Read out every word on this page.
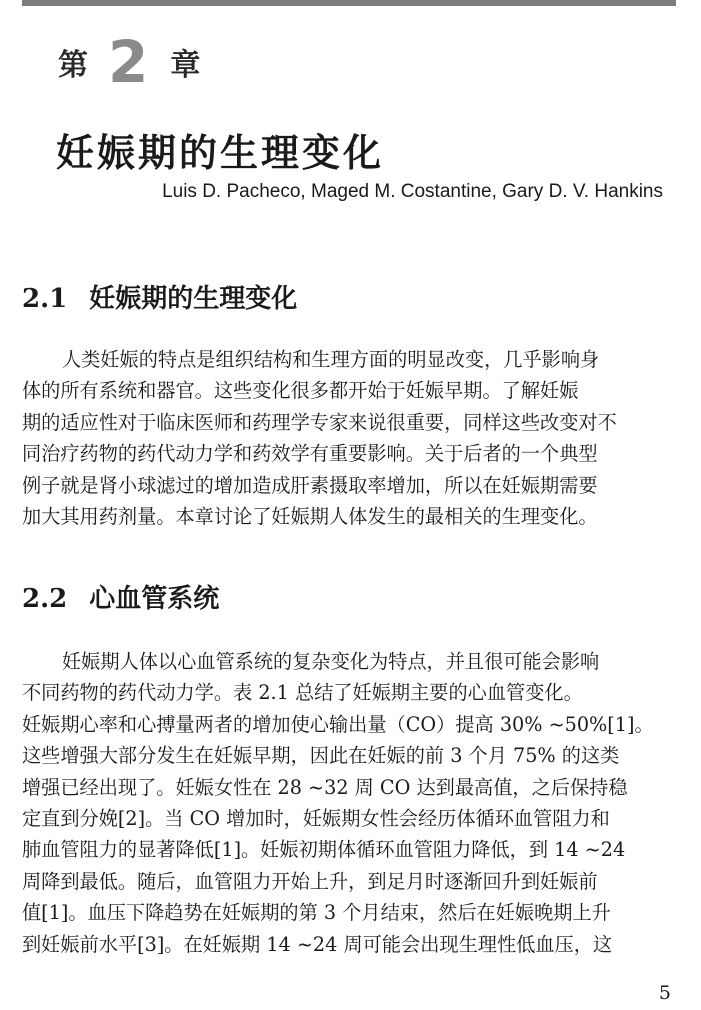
第 2 章
妊娠期的生理变化
Luis D. Pacheco, Maged M. Costantine, Gary D. V. Hankins
2.1 妊娠期的生理变化

人类妊娠的特点是组织结构和生理方面的明显改变，几乎影响身
体的所有系统和器官。这些变化很多都开始于妊娠早期。了解妊娠
期的适应性对于临床医师和药理学专家来说很重要，同样这些改变对不
同治疗药物的药代动力学和药效学有重要影响。关于后者的一个典型
例子就是肾小球滤过的增加造成肝素摄取率增加，所以在妊娠期需要
加大其用药剂量。本章讨论了妊娠期人体发生的最相关的生理变化。

2.2 心血管系统

妊娠期人体以心血管系统的复杂变化为特点，并且很可能会影响
不同药物的药代动力学。表 2.1 总结了妊娠期主要的心血管变化。
妊娠期心率和心搏量两者的增加使心输出量（CO）提高 30% ~50%[1]。
这些增强大部分发生在妊娠早期，因此在妊娠的前 3 个月 75% 的这类
增强已经出现了。妊娠女性在 28 ~32 周 CO 达到最高值，之后保持稳
定直到分娩[2]。当 CO 增加时，妊娠期女性会经历体循环血管阻力和
肺血管阻力的显著降低[1]。妊娠初期体循环血管阻力降低，到 14 ~24
周降到最低。随后，血管阻力开始上升，到足月时逐渐回升到妊娠前
值[1]。血压下降趋势在妊娠期的第 3 个月结束，然后在妊娠晚期上升
到妊娠前水平[3]。在妊娠期 14 ~24 周可能会出现生理性低血压，这

5
